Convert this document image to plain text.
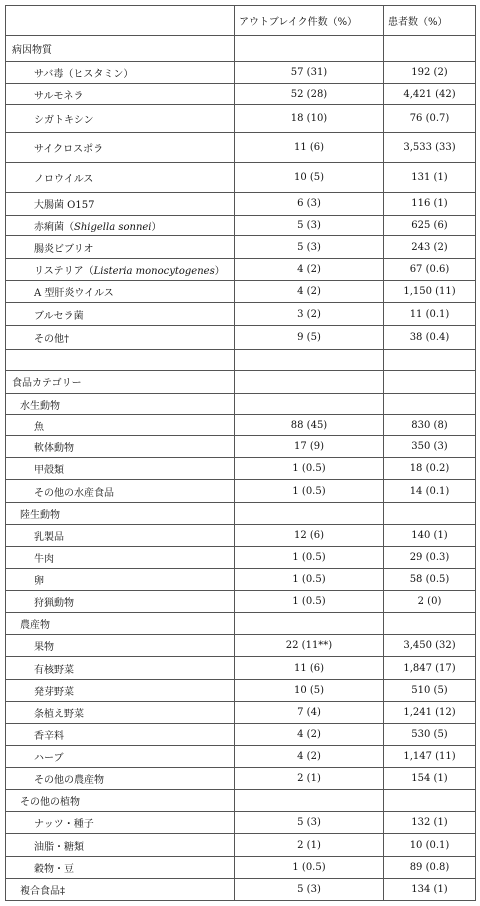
	アウトブレイク件数（%）	患者数（%）
病因物質		
サバ毒（ヒスタミン）	57 (31)	192 (2)
サルモネラ	52 (28)	4,421 (42)
シガトキシン	18 (10)	76 (0.7)
サイクロスポラ	11 (6)	3,533 (33)
ノロウイルス	10 (5)	131 (1)
大腸菌 O157	6 (3)	116 (1)
赤痢菌（Shigella sonnei）	5 (3)	625 (6)
腸炎ビブリオ	5 (3)	243 (2)
リステリア（Listeria monocytogenes）	4 (2)	67 (0.6)
A 型肝炎ウイルス	4 (2)	1,150 (11)
ブルセラ菌	3 (2)	11 (0.1)
その他†	9 (5)	38 (0.4)

食品カテゴリー		
水生動物		
魚	88 (45)	830 (8)
軟体動物	17 (9)	350 (3)
甲殻類	1 (0.5)	18 (0.2)
その他の水産食品	1 (0.5)	14 (0.1)
陸生動物		
乳製品	12 (6)	140 (1)
牛肉	1 (0.5)	29 (0.3)
卵	1 (0.5)	58 (0.5)
狩猟動物	1 (0.5)	2 (0)
農産物		
果物	22 (11**)	3,450 (32)
有核野菜	11 (6)	1,847 (17)
発芽野菜	10 (5)	510 (5)
条植え野菜	7 (4)	1,241 (12)
香辛料	4 (2)	530 (5)
ハーブ	4 (2)	1,147 (11)
その他の農産物	2 (1)	154 (1)
その他の植物		
ナッツ・種子	5 (3)	132 (1)
油脂・糖類	2 (1)	10 (0.1)
穀物・豆	1 (0.5)	89 (0.8)
複合食品‡	5 (3)	134 (1)
